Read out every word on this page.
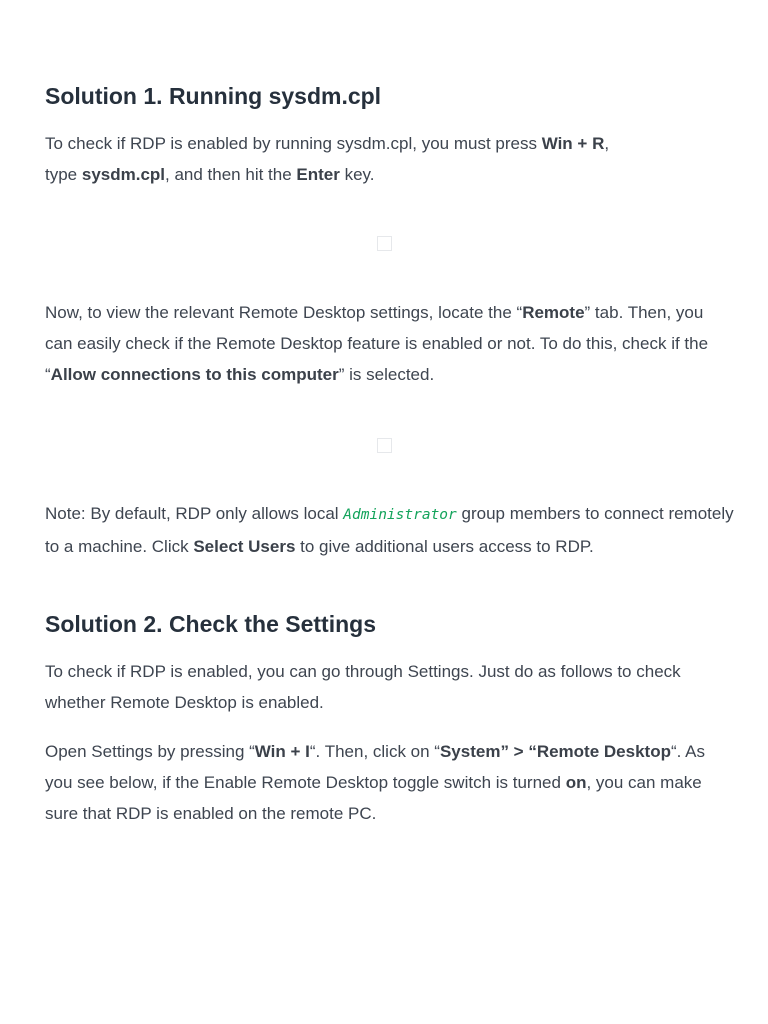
Solution 1. Running sysdm.cpl

To check if RDP is enabled by running sysdm.cpl, you must press Win + R,
type sysdm.cpl, and then hit the Enter key.

Now, to view the relevant Remote Desktop settings, locate the “Remote” tab. Then, you can easily check if the Remote Desktop feature is enabled or not. To do this, check if the “Allow connections to this computer” is selected.

Note: By default, RDP only allows local Administrator group members to connect remotely to a machine. Click Select Users to give additional users access to RDP.

Solution 2. Check the Settings

To check if RDP is enabled, you can go through Settings. Just do as follows to check whether Remote Desktop is enabled.

Open Settings by pressing “Win + I“. Then, click on “System” > “Remote Desktop“. As you see below, if the Enable Remote Desktop toggle switch is turned on, you can make sure that RDP is enabled on the remote PC.
